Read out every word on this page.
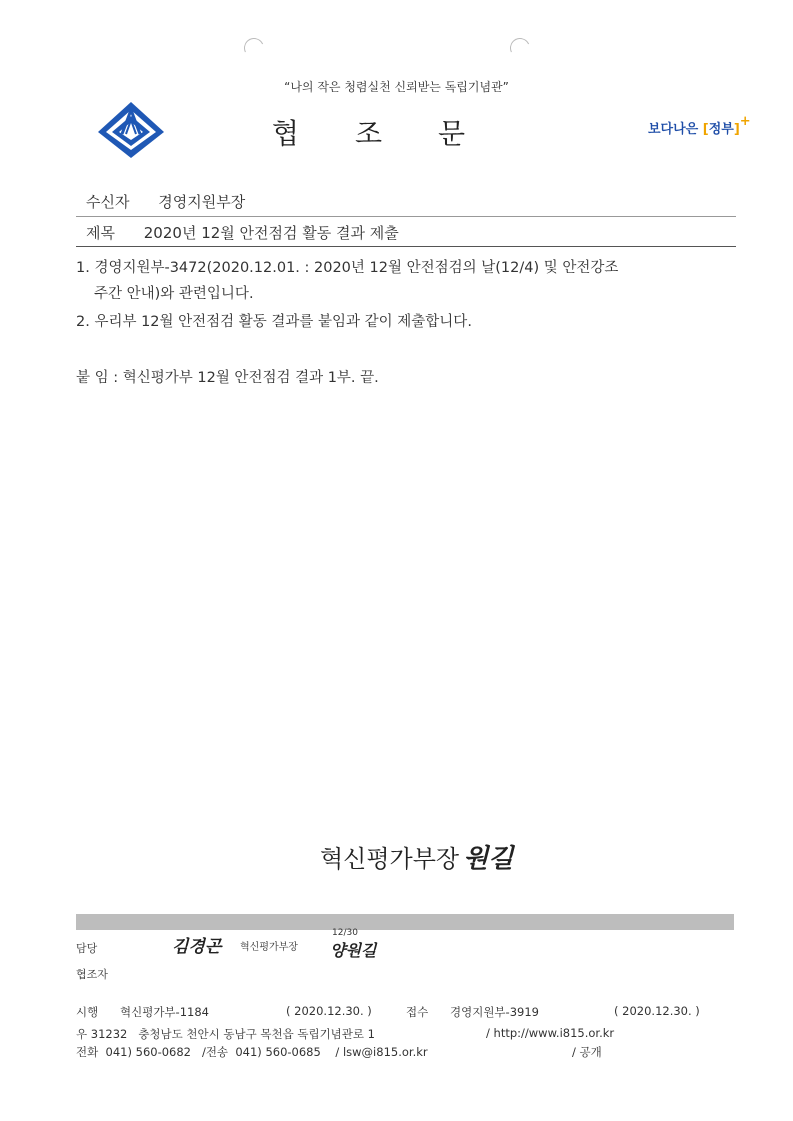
“나의 작은 청렴실천 신뢰받는 독립기념관”
협조문	보다나은 [정부]+
수신자 경영지원부장
제목 2020년 12월 안전점검 활동 결과 제출
1. 경영지원부-3472(2020.12.01. : 2020년 12월 안전점검의 날(12/4) 및 안전강조
주간 안내)와 관련입니다.
2. 우리부 12월 안전점검 활동 결과를 붙임과 같이 제출합니다.
붙 임 : 혁신평가부 12월 안전점검 결과 1부. 끝.
혁신평가부장 원길
담당	김경곤 혁신평가부장
12/30
양원길
협조자
시행 혁신평가부-1184	( 2020.12.30. )	접수 경영지원부-3919	( 2020.12.30. )
우 31232   충청남도 천안시 동남구 목천읍 독립기념관로 1	/ http://www.i815.or.kr
전화  041) 560-0682   /전송  041) 560-0685    / lsw@i815.or.kr	/ 공개
